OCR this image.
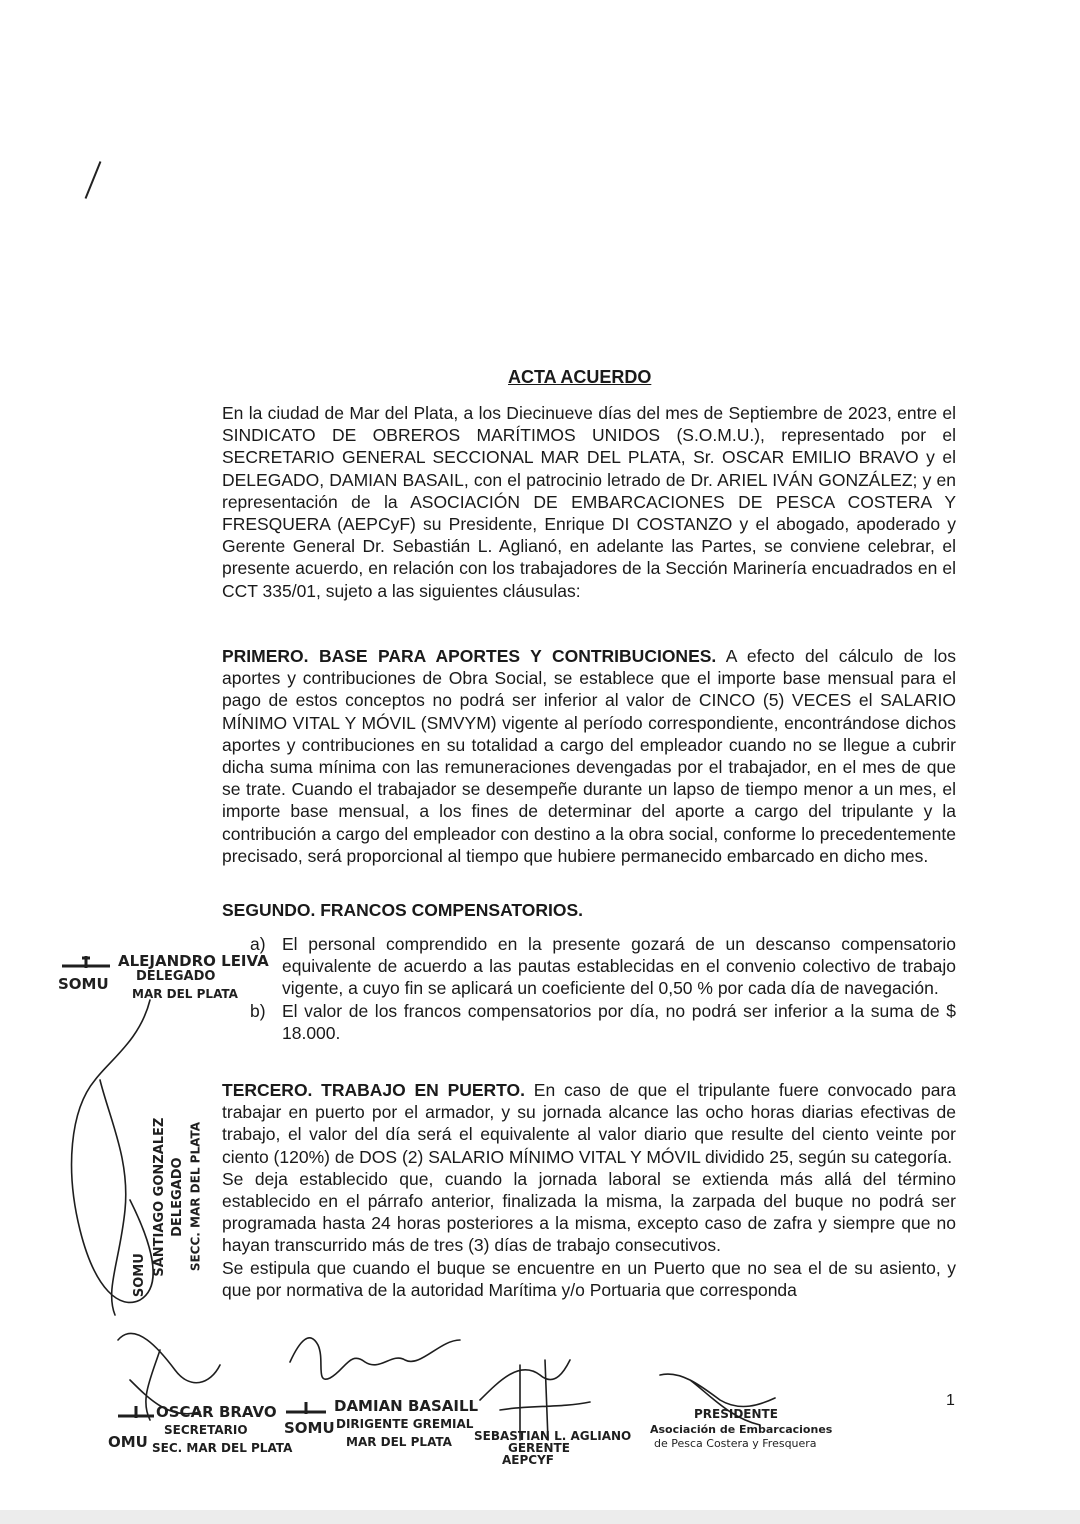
ACTA ACUERDO

En la ciudad de Mar del Plata, a los Diecinueve días del mes de Septiembre de 2023, entre el SINDICATO DE OBREROS MARÍTIMOS UNIDOS (S.O.M.U.), representado por el SECRETARIO GENERAL SECCIONAL MAR DEL PLATA, Sr. OSCAR EMILIO BRAVO y el DELEGADO, DAMIAN BASAIL, con el patrocinio letrado de Dr. ARIEL IVÁN GONZÁLEZ; y en representación de la ASOCIACIÓN DE EMBARCACIONES DE PESCA COSTERA Y FRESQUERA (AEPCyF) su Presidente, Enrique DI COSTANZO y el abogado, apoderado y Gerente General Dr. Sebastián L. Aglianó, en adelante las Partes, se conviene celebrar, el presente acuerdo, en relación con los trabajadores de la Sección Marinería encuadrados en el CCT 335/01, sujeto a las siguientes cláusulas:

PRIMERO. BASE PARA APORTES Y CONTRIBUCIONES. A efecto del cálculo de los aportes y contribuciones de Obra Social, se establece que el importe base mensual para el pago de estos conceptos no podrá ser inferior al valor de CINCO (5) VECES el SALARIO MÍNIMO VITAL Y MÓVIL (SMVYM) vigente al período correspondiente, encontrándose dichos aportes y contribuciones en su totalidad a cargo del empleador cuando no se llegue a cubrir dicha suma mínima con las remuneraciones devengadas por el trabajador, en el mes de que se trate. Cuando el trabajador se desempeñe durante un lapso de tiempo menor a un mes, el importe base mensual, a los fines de determinar del aporte a cargo del tripulante y la contribución a cargo del empleador con destino a la obra social, conforme lo precedentemente precisado, será proporcional al tiempo que hubiere permanecido embarcado en dicho mes.

SEGUNDO. FRANCOS COMPENSATORIOS.

a) El personal comprendido en la presente gozará de un descanso compensatorio equivalente de acuerdo a las pautas establecidas en el convenio colectivo de trabajo vigente, a cuyo fin se aplicará un coeficiente del 0,50 % por cada día de navegación.
b) El valor de los francos compensatorios por día, no podrá ser inferior a la suma de $ 18.000.

TERCERO. TRABAJO EN PUERTO. En caso de que el tripulante fuere convocado para trabajar en puerto por el armador, y su jornada alcance las ocho horas diarias efectivas de trabajo, el valor del día será el equivalente al valor diario que resulte del ciento veinte por ciento (120%) de DOS (2) SALARIO MÍNIMO VITAL Y MÓVIL dividido 25, según su categoría.

Se deja establecido que, cuando la jornada laboral se extienda más allá del término establecido en el párrafo anterior, finalizada la misma, la zarpada del buque no podrá ser programada hasta 24 horas posteriores a la misma, excepto caso de zafra y siempre que no hayan transcurrido más de tres (3) días de trabajo consecutivos.

Se estipula que cuando el buque se encuentre en un Puerto que no sea el de su asiento, y que por normativa de la autoridad Marítima y/o Portuaria que corresponda

1
ALEJANDRO LEIVA
DELEGADO
SOMU
MAR DEL PLATA
SANTIAGO GONZALEZ DELEGADO SECC. MAR DEL PLATA
SOMU
OSCAR BRAVO
SECRETARIO
OMU SEC. MAR DEL PLATA
DAMIAN BASAILL
SOMU DIRIGENTE GREMIAL
MAR DEL PLATA SEBASTIAN L. AGLIANO
GERENTE
AEPCYF
PRESIDENTE
Asociación de Embarcaciones
de Pesca Costera y Fresquera
